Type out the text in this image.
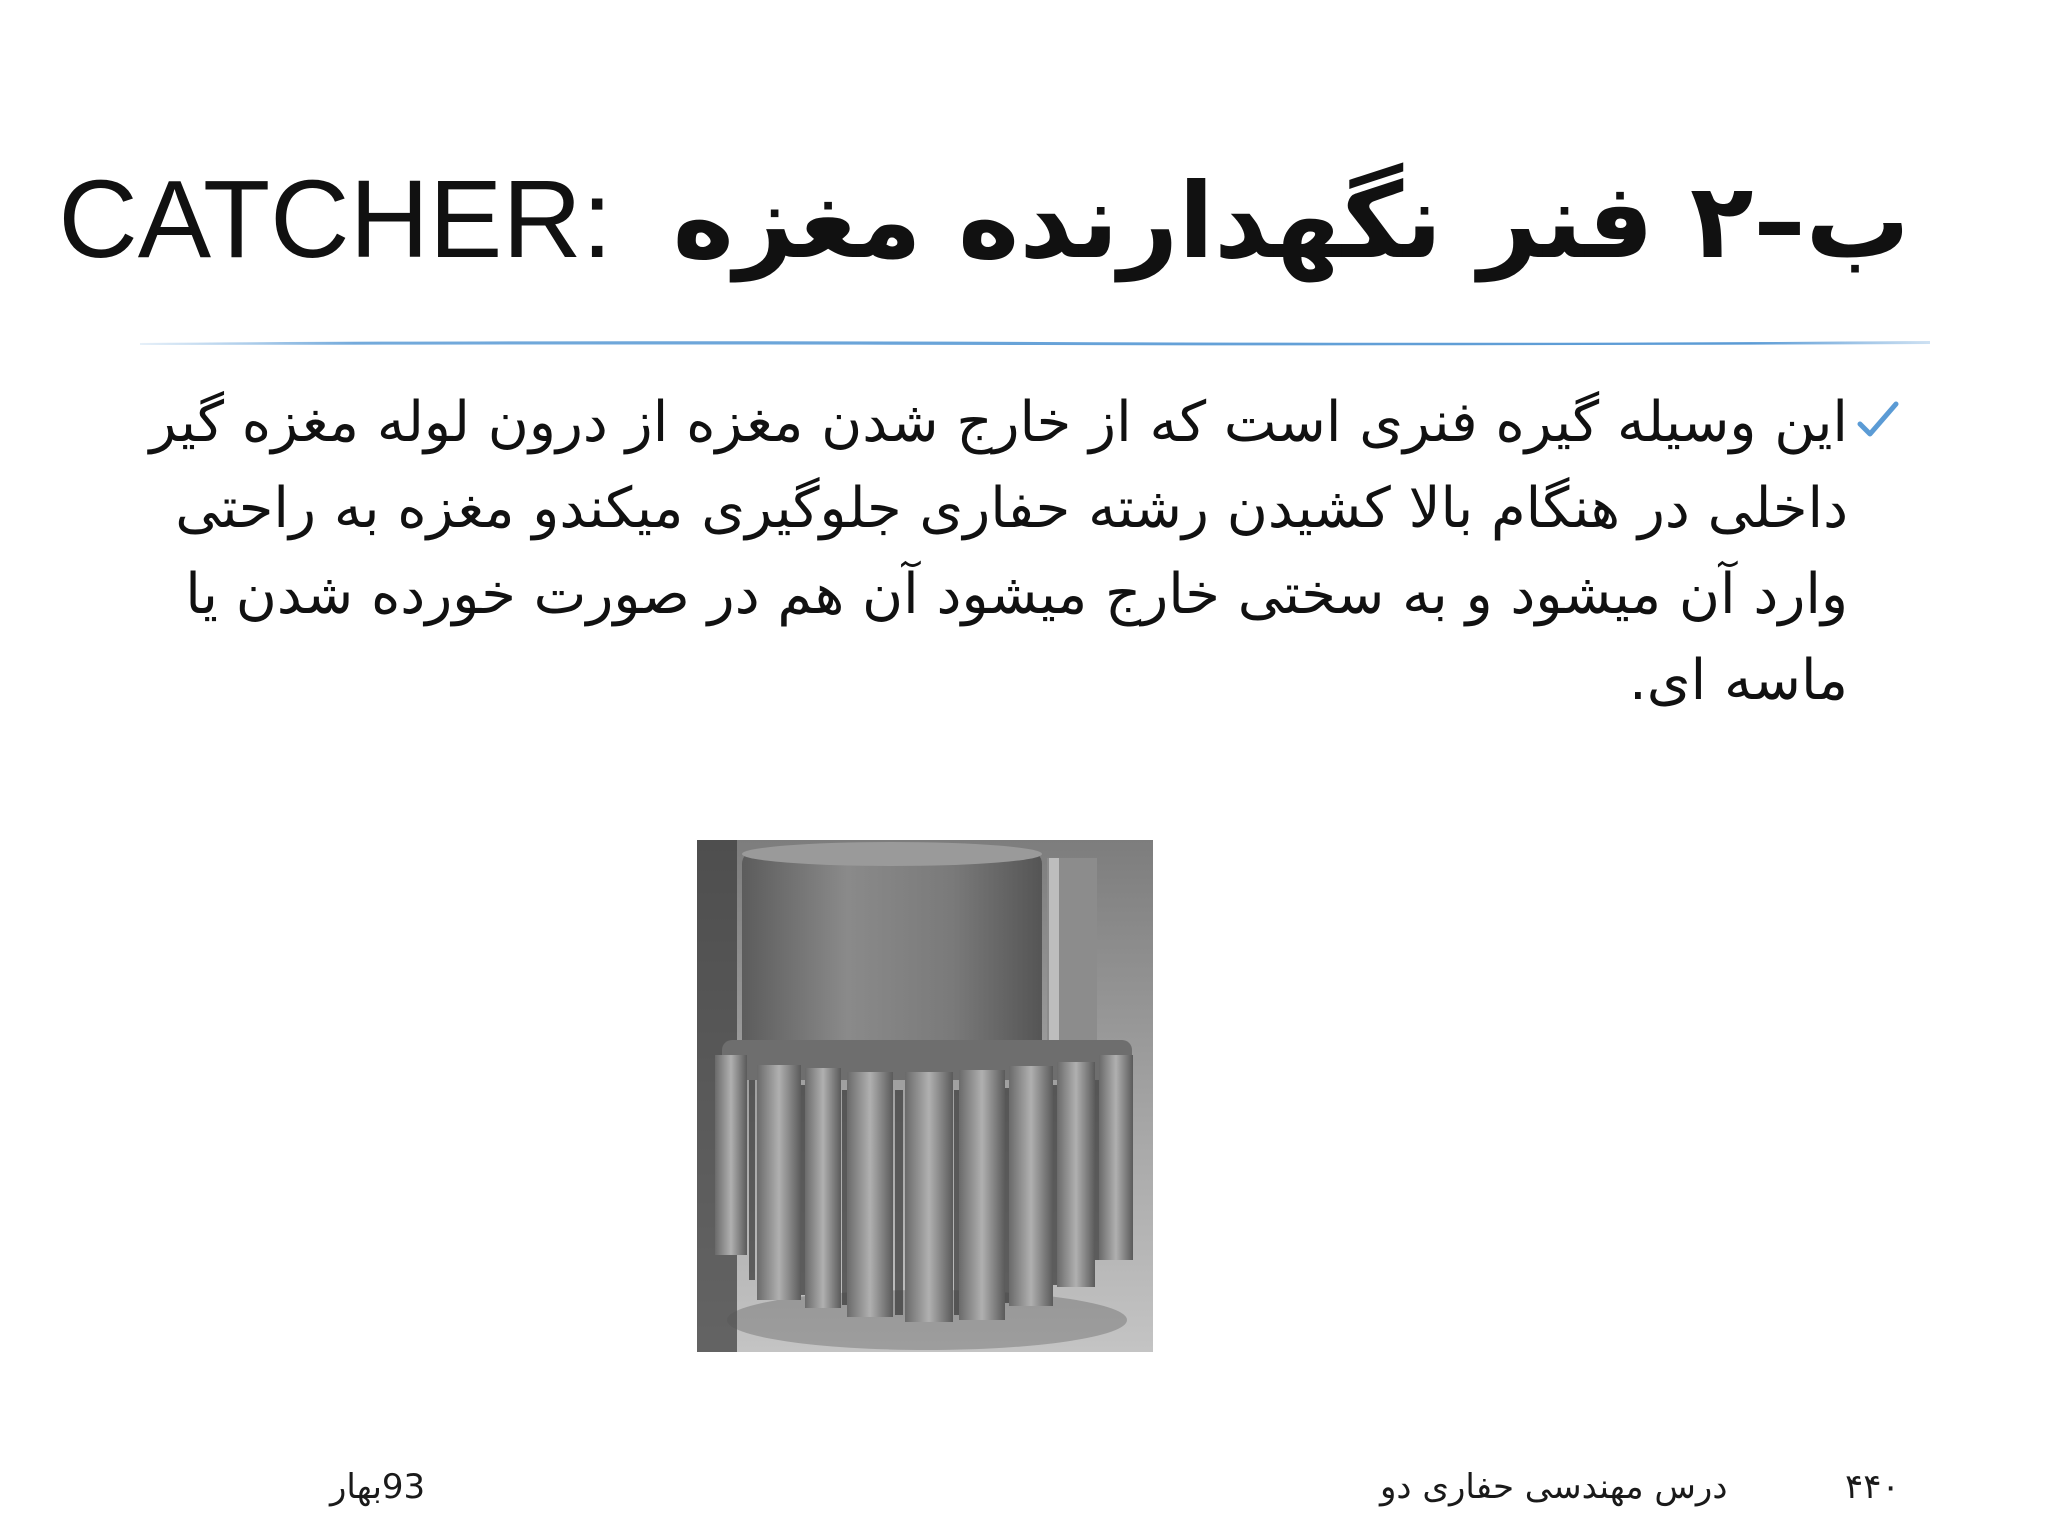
ب–۲ فنر نگهدارنده مغزه CATCHER:
این وسیله گیره فنری است که از خارج شدن مغزه از درون لوله مغزه گیر داخلی در هنگام بالا کشیدن رشته حفاری جلوگیری میکندو مغزه به راحتی وارد آن میشود و به سختی خارج میشود آن هم در صورت خورده شدن یا ماسه ای.
93بهار	درس مهندسی حفاری دو	۴۴۰
